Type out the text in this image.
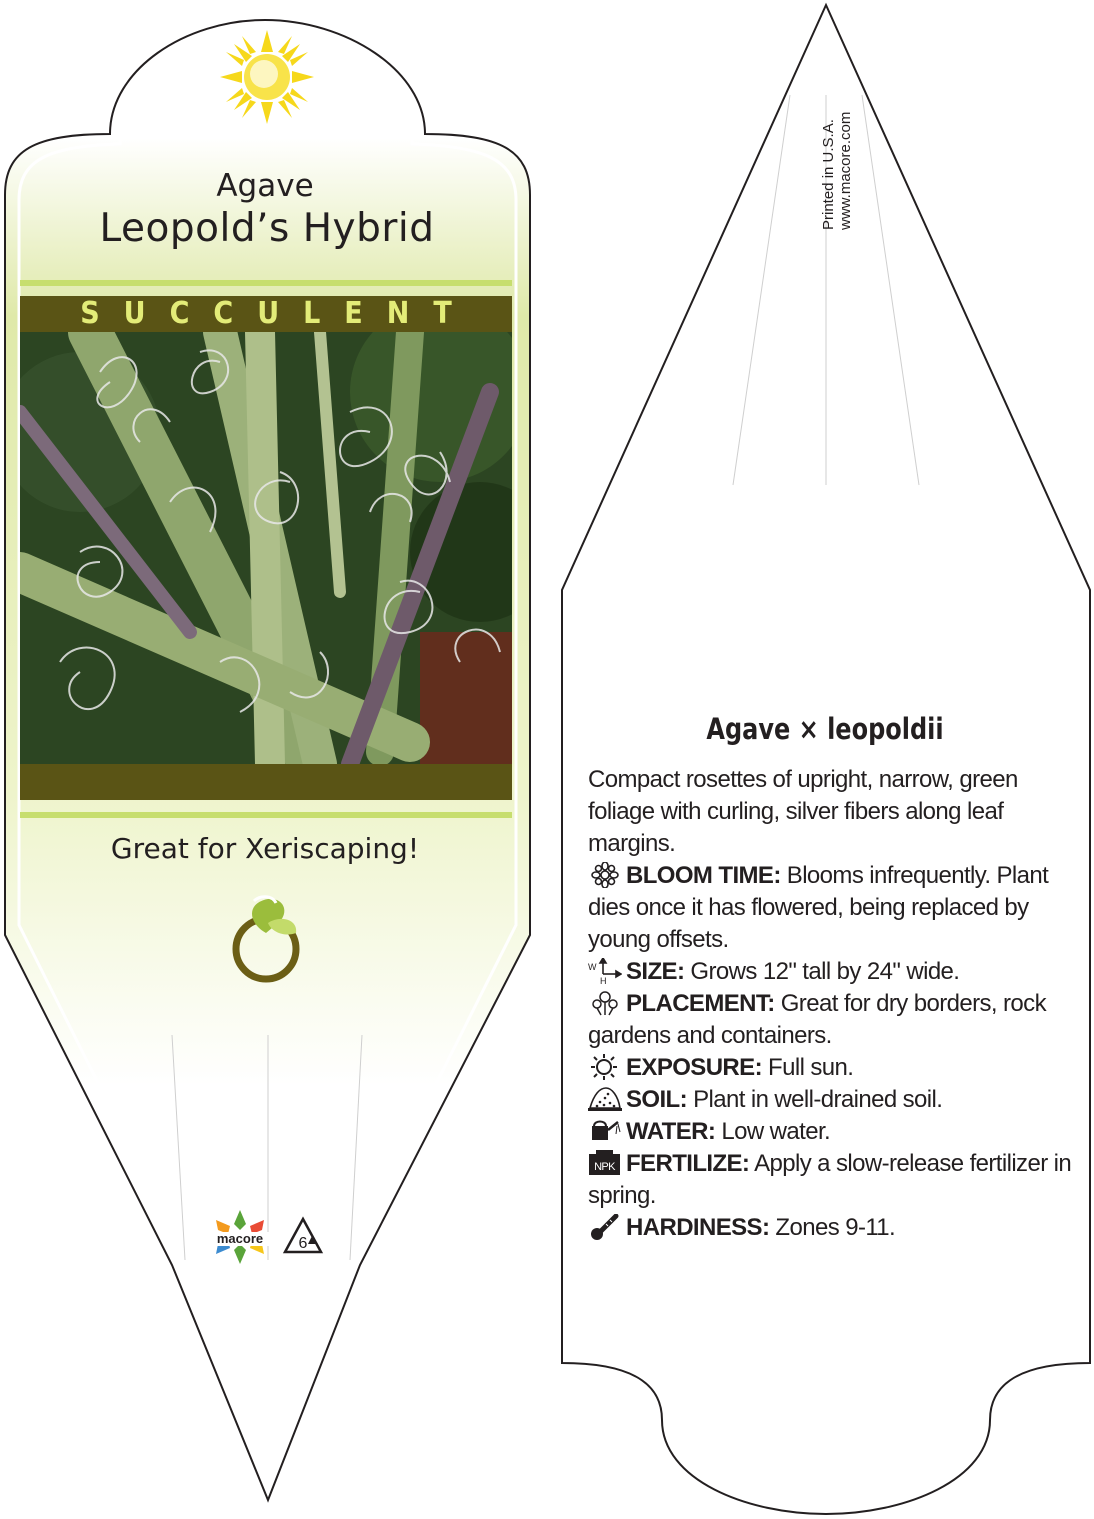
Agave
Leopold’s Hybrid
SUCCULENT
Great for Xeriscaping!
macore 6
Printed in U.S.A. www.macore.com
Agave × leopoldii

Compact rosettes of upright, narrow, green foliage with curling, silver fibers along leaf margins.

BLOOM TIME: Blooms infrequently. Plant dies once it has flowered, being replaced by young offsets.

W
H SIZE: Grows 12" tall by 24" wide.

PLACEMENT: Great for dry borders, rock gardens and containers.

EXPOSURE: Full sun.

SOIL: Plant in well-drained soil.

WATER: Low water.

NPK FERTILIZE: Apply a slow-release fertilizer in spring.

HARDINESS: Zones 9-11.
